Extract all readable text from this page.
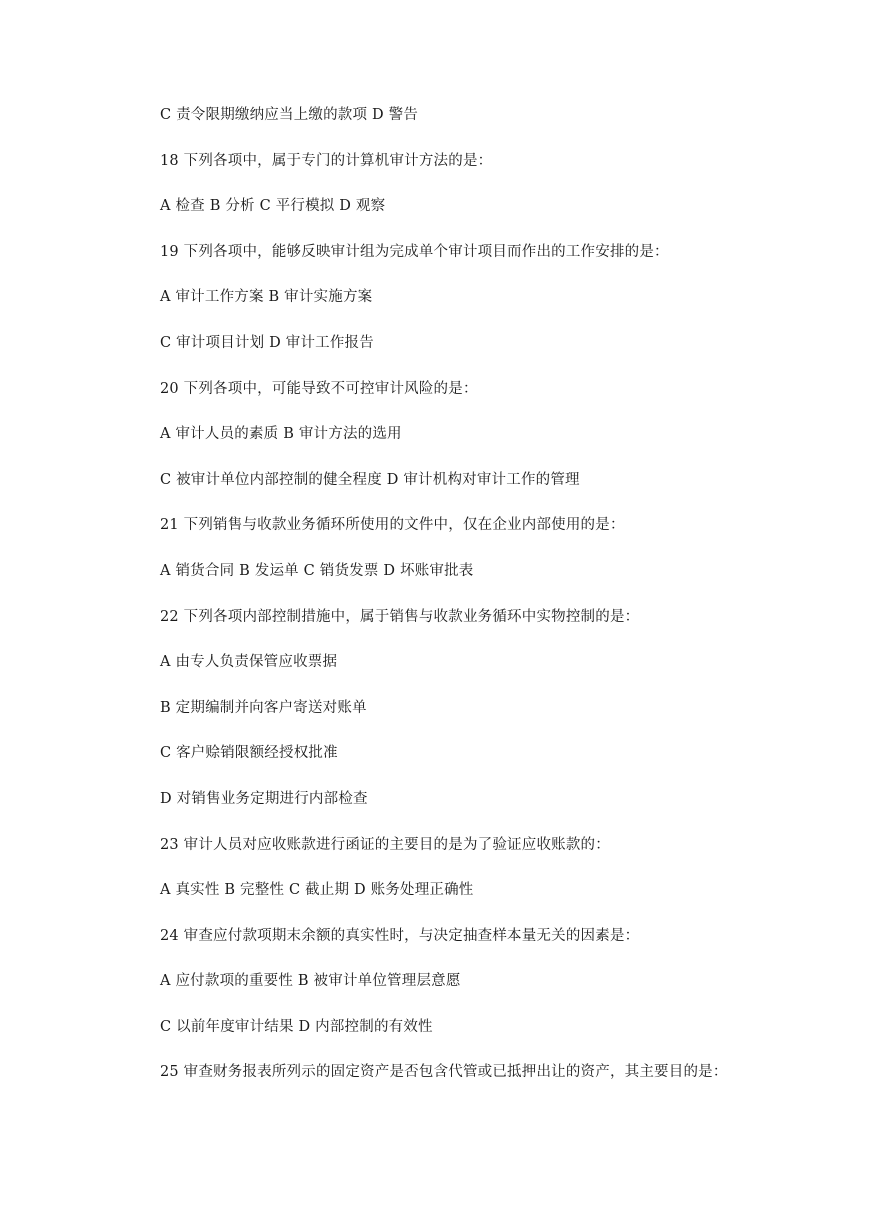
C 责令限期缴纳应当上缴的款项 D 警告
18 下列各项中，属于专门的计算机审计方法的是：
A 检查 B 分析 C 平行模拟 D 观察
19 下列各项中，能够反映审计组为完成单个审计项目而作出的工作安排的是：
A 审计工作方案 B 审计实施方案
C 审计项目计划 D 审计工作报告
20 下列各项中，可能导致不可控审计风险的是：
A 审计人员的素质 B 审计方法的选用
C 被审计单位内部控制的健全程度 D 审计机构对审计工作的管理
21 下列销售与收款业务循环所使用的文件中，仅在企业内部使用的是：
A 销货合同 B 发运单 C 销货发票 D 坏账审批表
22 下列各项内部控制措施中，属于销售与收款业务循环中实物控制的是：
A 由专人负责保管应收票据
B 定期编制并向客户寄送对账单
C 客户赊销限额经授权批准
D 对销售业务定期进行内部检查
23 审计人员对应收账款进行函证的主要目的是为了验证应收账款的：
A 真实性 B 完整性 C 截止期 D 账务处理正确性
24 审查应付款项期末余额的真实性时，与决定抽查样本量无关的因素是：
A 应付款项的重要性 B 被审计单位管理层意愿
C 以前年度审计结果 D 内部控制的有效性
25 审查财务报表所列示的固定资产是否包含代管或已抵押出让的资产，其主要目的是：
